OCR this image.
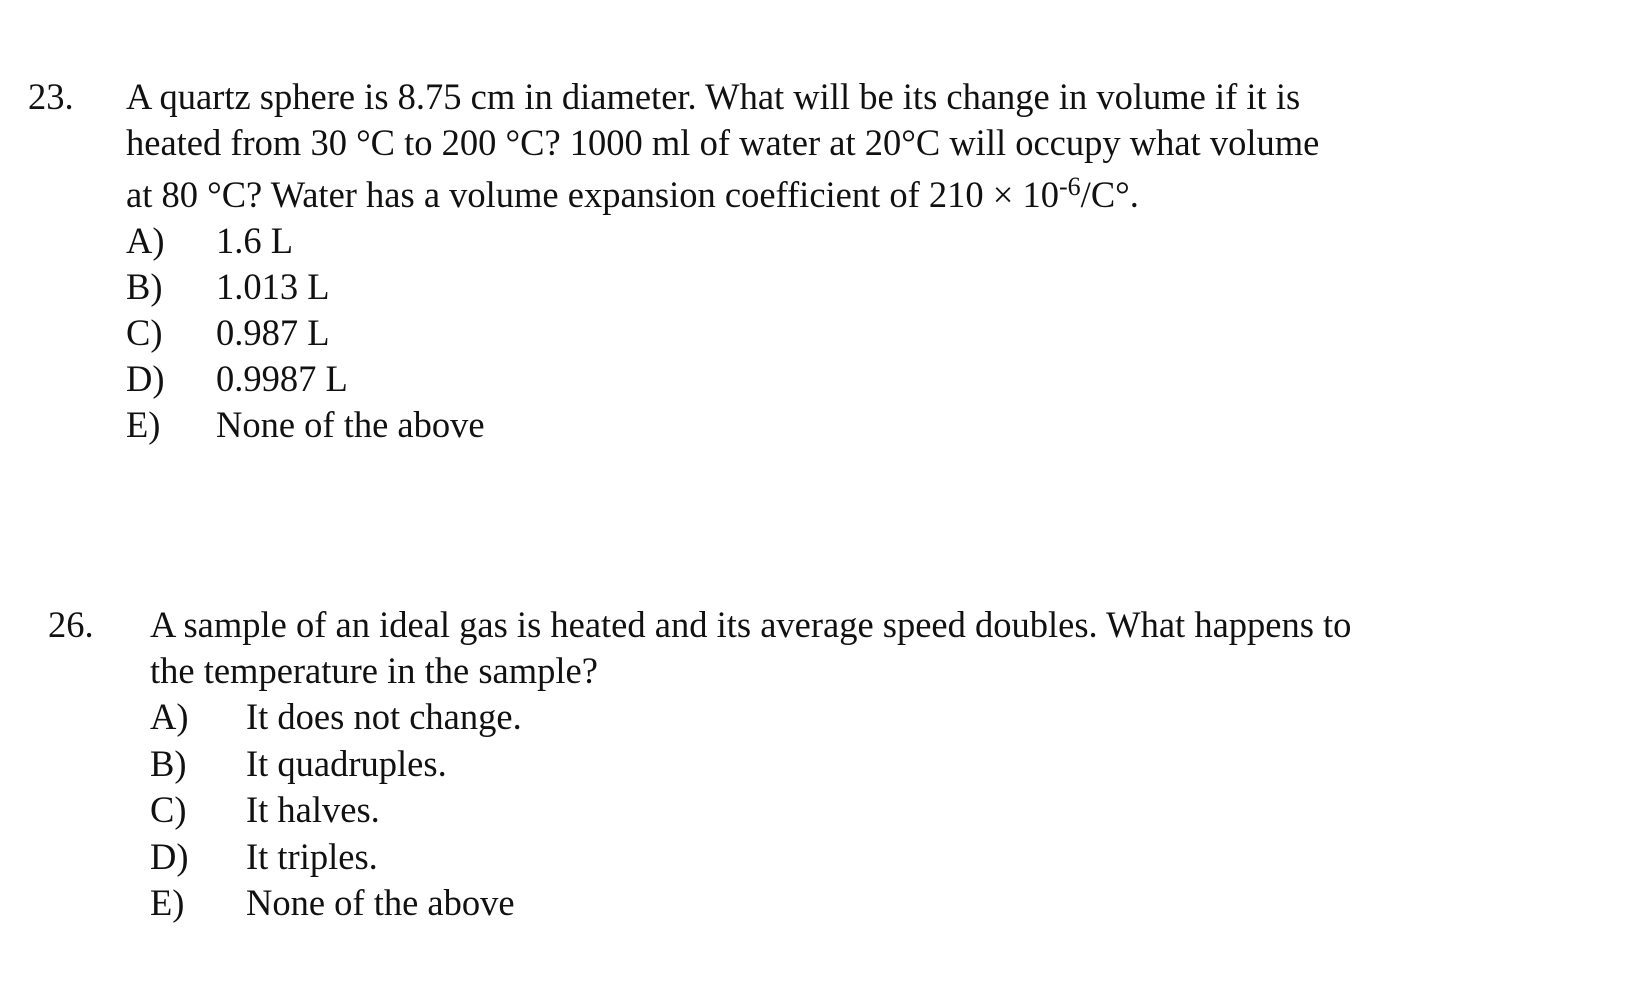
23.	A quartz sphere is 8.75 cm in diameter. What will be its change in volume if it is
heated from 30 °C to 200 °C? 1000 ml of water at 20°C will occupy what volume
at 80 °C? Water has a volume expansion coefficient of $210 \times 10^{-6}/C^\circ$.
A)	1.6 L
B)	1.013 L
C)	0.987 L
D)	0.9987 L
E)	None of the above
26.	A sample of an ideal gas is heated and its average speed doubles. What happens to
the temperature in the sample?
A)	It does not change.
B)	It quadruples.
C)	It halves.
D)	It triples.
E)	None of the above
